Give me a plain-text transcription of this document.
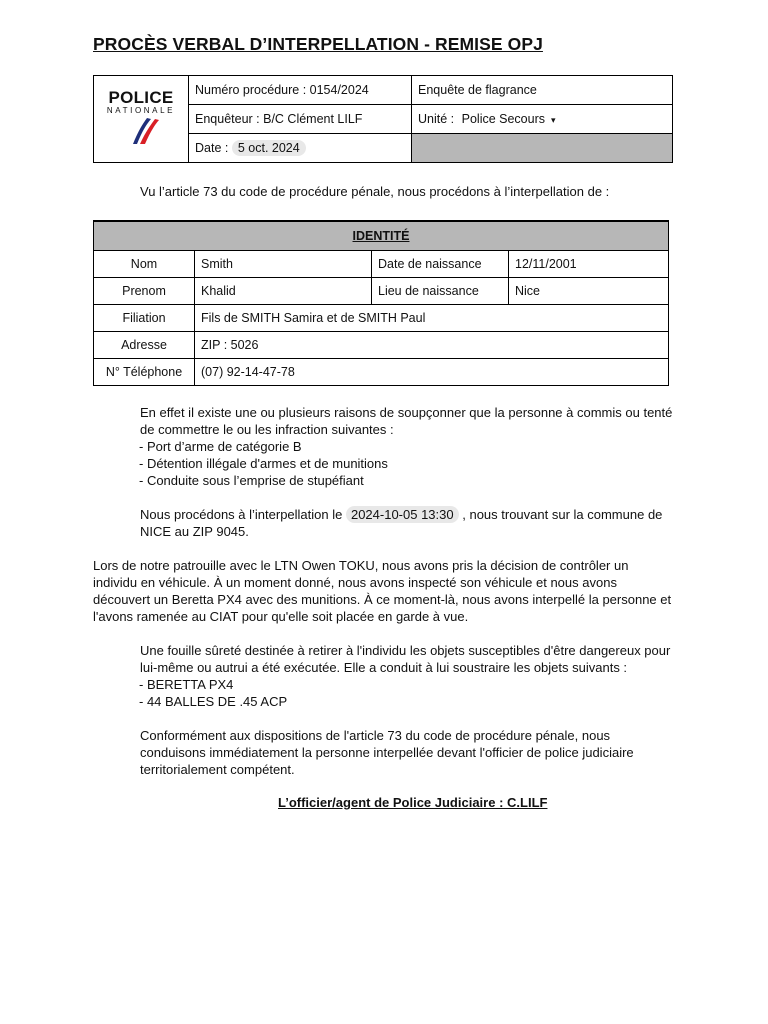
PROCÈS VERBAL D’INTERPELLATION - REMISE OPJ
POLICE
NATIONALE	Numéro procédure : 0154/2024	Enquête de flagrance
	Enquêteur : B/C Clément LILF	Unité : Police Secours ▾
	Date : 5 oct. 2024	
Vu l’article 73 du code de procédure pénale, nous procédons à l’interpellation de :
IDENTITÉ			
Nom	Smith	Date de naissance	12/11/2001
Prenom	Khalid	Lieu de naissance	Nice
Filiation	Fils de SMITH Samira et de SMITH Paul		
Adresse	ZIP : 5026		
N° Téléphone	(07) 92-14-47-78		
En effet il existe une ou plusieurs raisons de soupçonner que la personne à commis ou tenté de commettre le ou les infraction suivantes :
- Port d’arme de catégorie B
- Détention illégale d'armes et de munitions
- Conduite sous l’emprise de stupéfiant
Nous procédons à l’interpellation le 2024-10-05 13:30 , nous trouvant sur la commune de NICE au ZIP 9045.
Lors de notre patrouille avec le LTN Owen TOKU, nous avons pris la décision de contrôler un individu en véhicule. À un moment donné, nous avons inspecté son véhicule et nous avons découvert un Beretta PX4 avec des munitions. À ce moment-là, nous avons interpellé la personne et l'avons ramenée au CIAT pour qu'elle soit placée en garde à vue.
Une fouille sûreté destinée à retirer à l'individu les objets susceptibles d'être dangereux pour lui-même ou autrui a été exécutée. Elle a conduit à lui soustraire les objets suivants :
- BERETTA PX4
- 44 BALLES DE .45 ACP
Conformément aux dispositions de l'article 73 du code de procédure pénale, nous conduisons immédiatement la personne interpellée devant l'officier de police judiciaire territorialement compétent.
L’officier/agent de Police Judiciaire : C.LILF
